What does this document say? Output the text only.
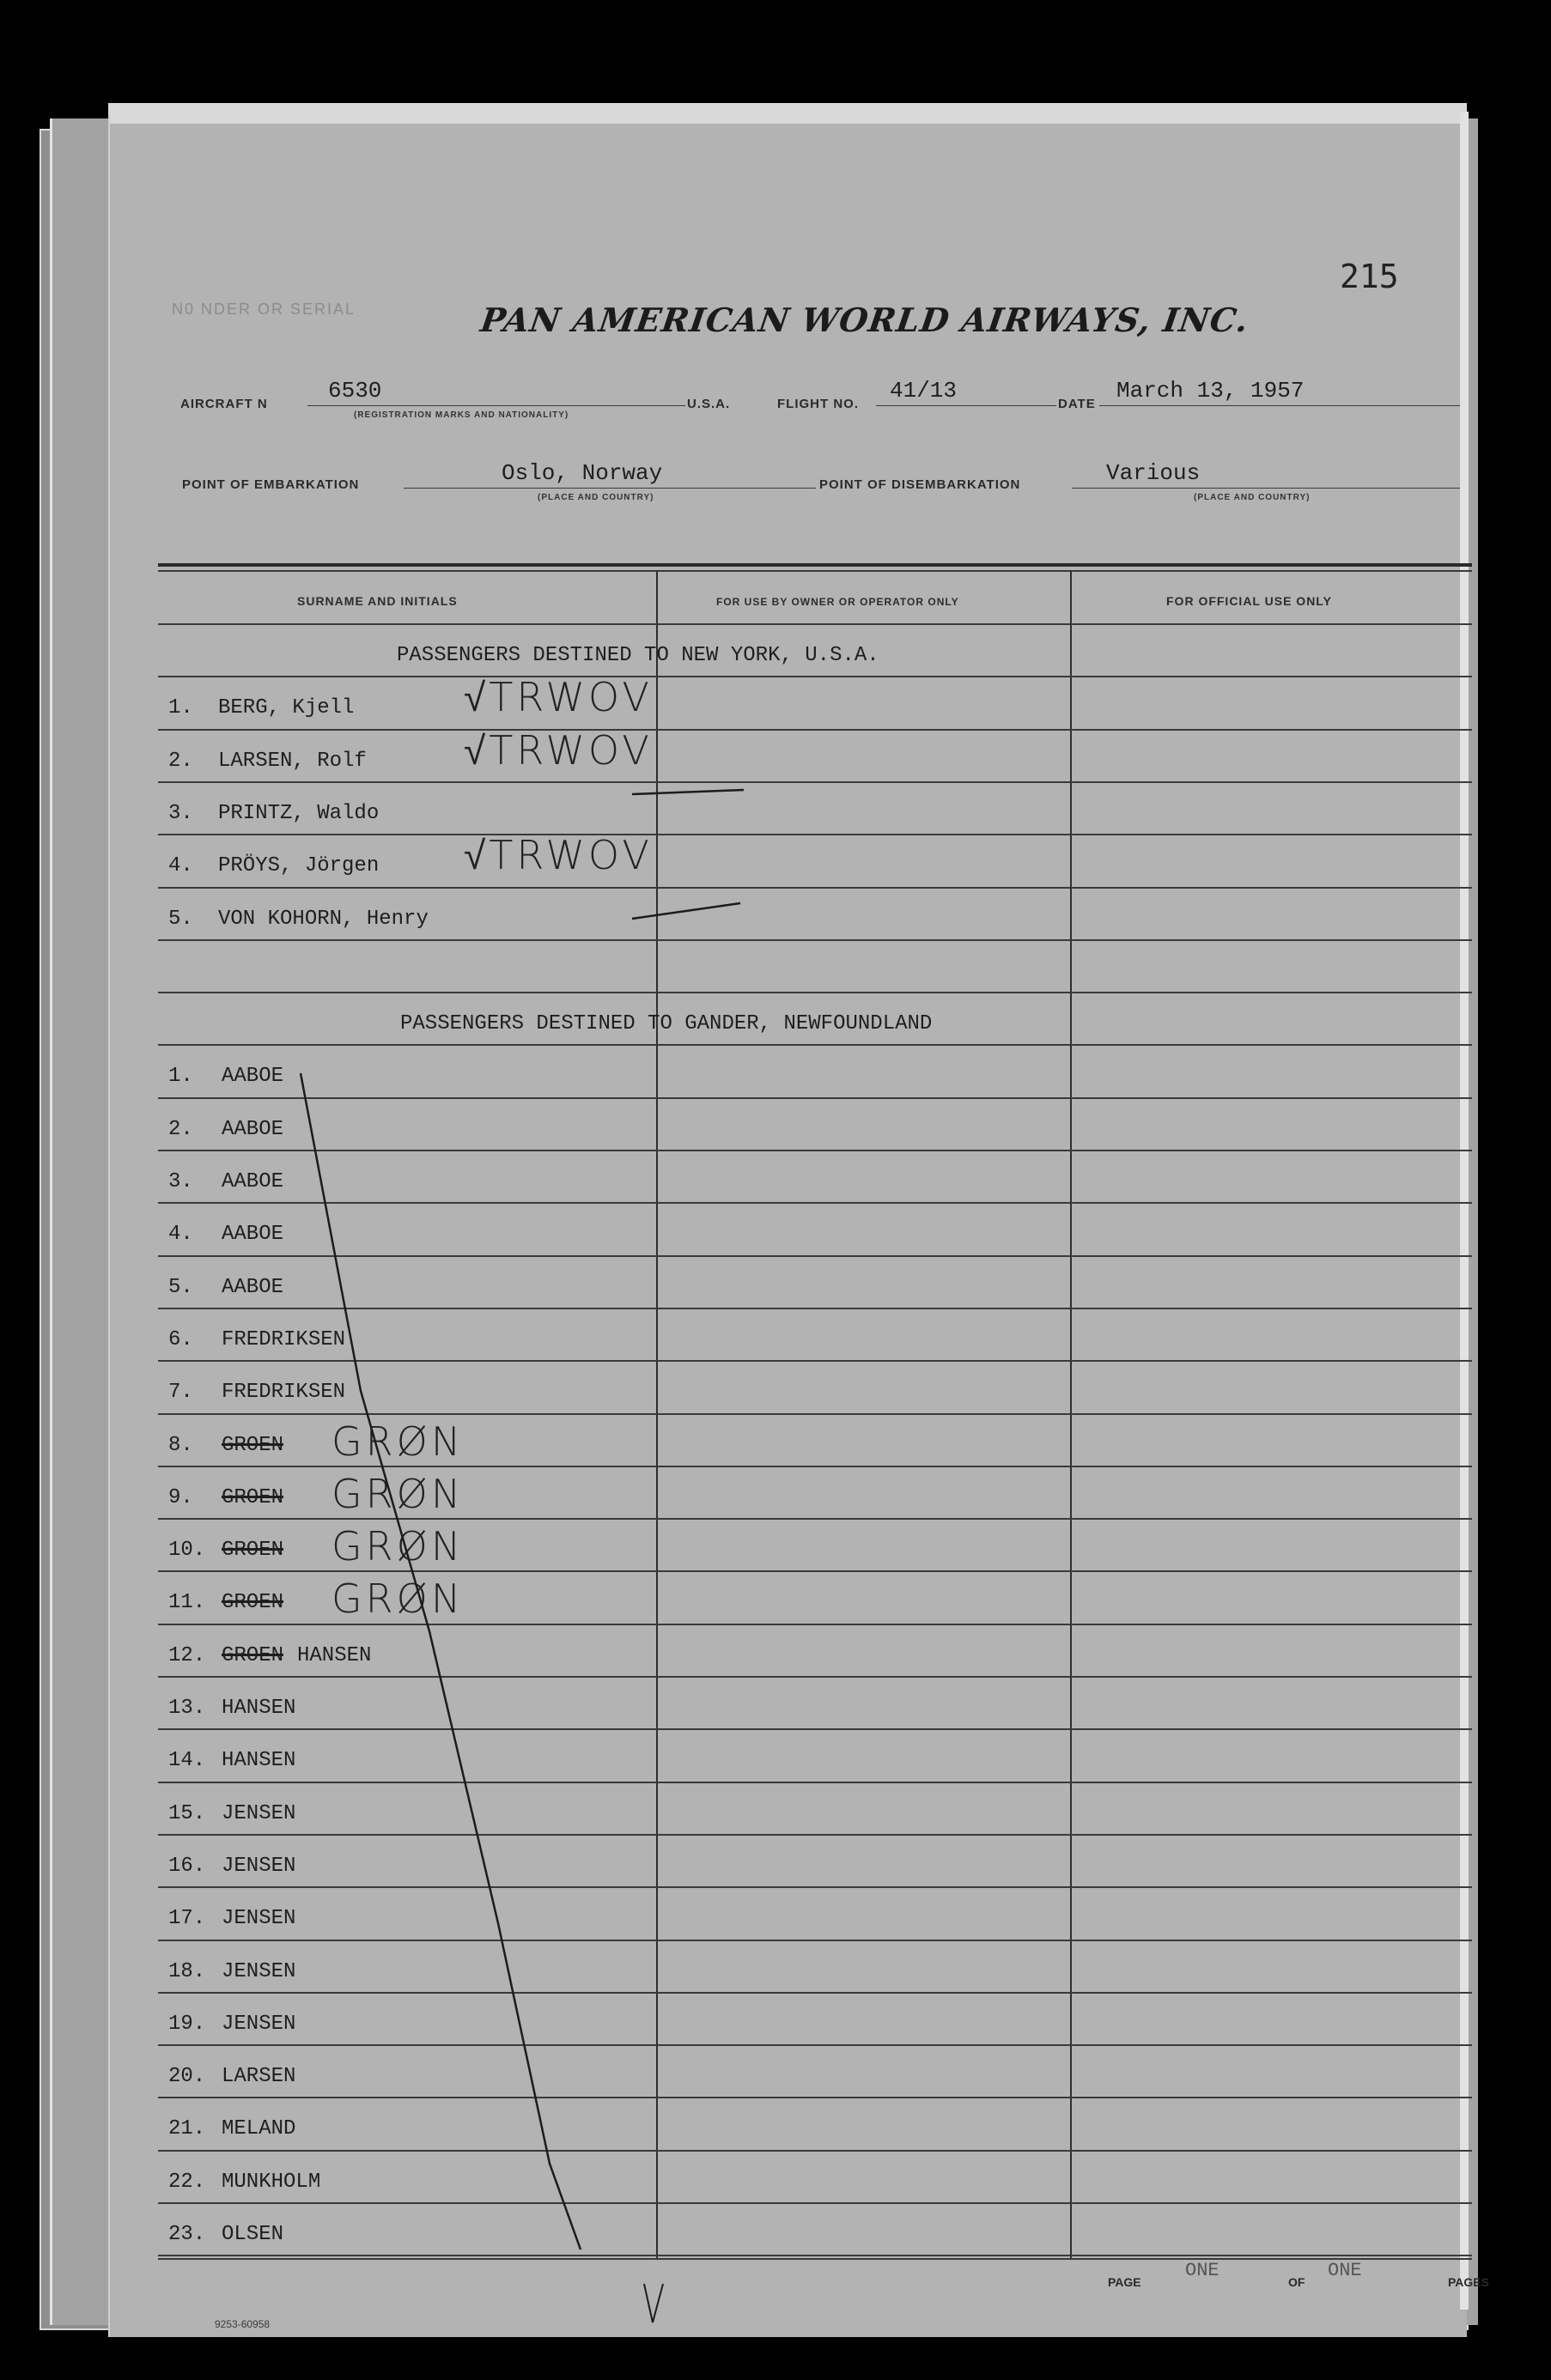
215
N0 NDER OR SERIAL	PAN AMERICAN WORLD AIRWAYS, INC.
AIRCRAFT N
6530
(REGISTRATION MARKS AND NATIONALITY)
U.S.A.	FLIGHT NO.
41/13
DATE
March 13, 1957
POINT OF EMBARKATION	Oslo, Norway
(PLACE AND COUNTRY)
POINT OF DISEMBARKATION	Various
(PLACE AND COUNTRY)
SURNAME AND INITIALS	FOR USE BY OWNER OR OPERATOR ONLY	FOR OFFICIAL USE ONLY
PASSENGERS DESTINED TO NEW YORK, U.S.A.
1. BERG, Kjell	√TRWOV
2. LARSEN, Rolf √TRWOV
3. PRINTZ, Waldo
4. PRÖYS, Jörgen √TRWOV
5. VON KOHORN, Henry
PASSENGERS DESTINED TO GANDER, NEWFOUNDLAND
1. AABOE
2. AABOE
3. AABOE
4. AABOE
5. AABOE
6. FREDRIKSEN
7. FREDRIKSEN
8. GROEN GRØN
9. GROEN GRØN
10. GROEN GRØN
11. GROEN GRØN
12. GROEN HANSEN
13. HANSEN
14. HANSEN
15. JENSEN
16. JENSEN
17. JENSEN
18. JENSEN
19. JENSEN
20. LARSEN
21. MELAND
22. MUNKHOLM
23. OLSEN
PAGE
ONE
OF
ONE
PAGES
9253-60958
